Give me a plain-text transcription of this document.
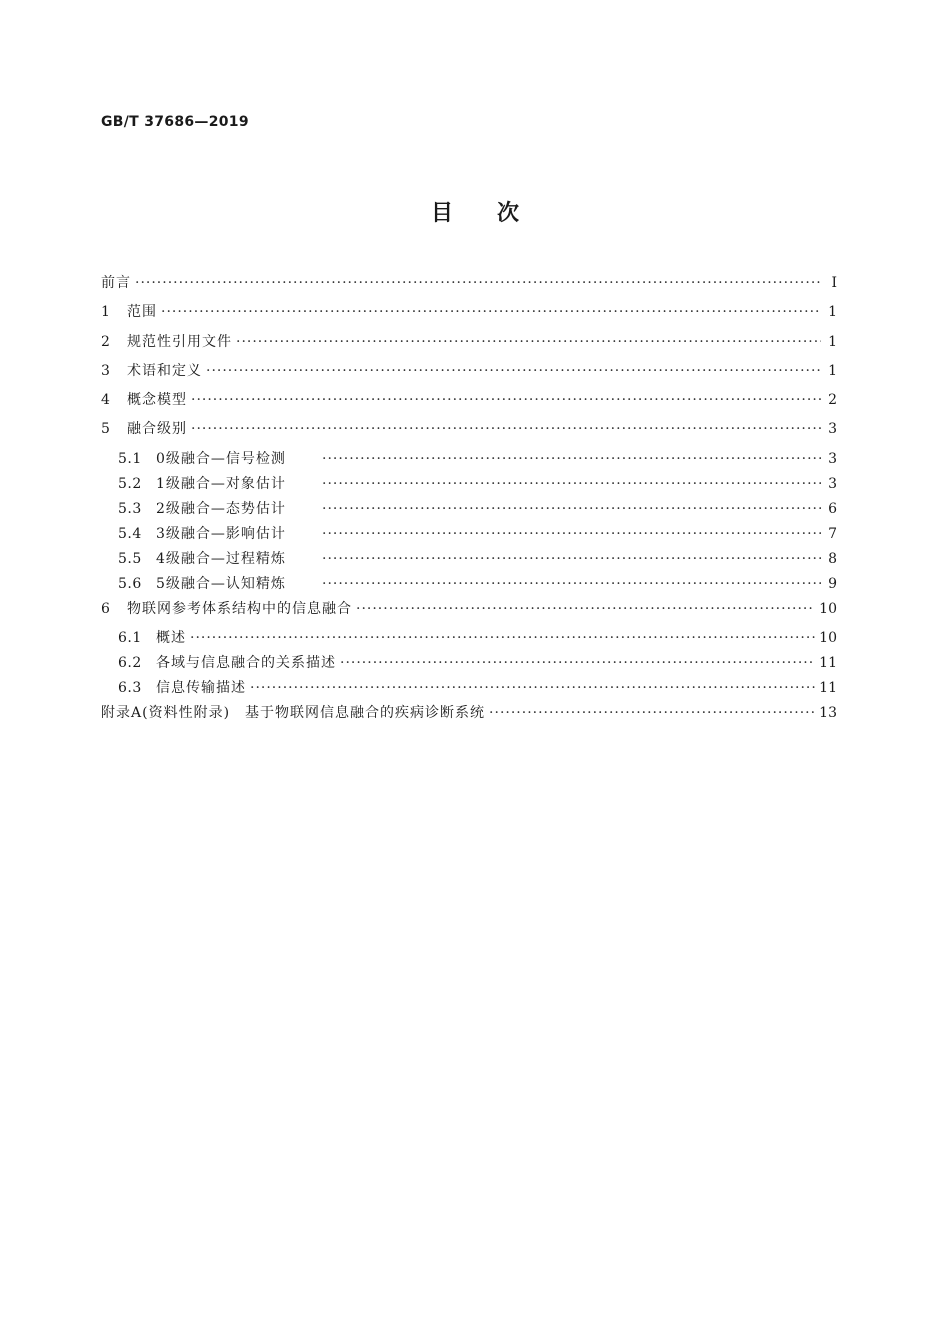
GB/T 37686—2019
目次
前言 ·····	Ⅰ
1	范围 ·····	1
2	规范性引用文件 ·····	1
3	术语和定义 ·····	1
4	概念模型 ·····	2
5	融合级别 ·····	3
5.1	0级融合—信号检测 ·····	3
5.2	1级融合—对象估计 ·····	3
5.3	2级融合—态势估计 ·····	6
5.4	3级融合—影响估计 ·····	7
5.5	4级融合—过程精炼 ·····	8
5.6	5级融合—认知精炼 ·····	9
6	物联网参考体系结构中的信息融合 ·····	10
6.1	概述 ·····	10
6.2	各域与信息融合的关系描述 ·····	11
6.3	信息传输描述 ·····	11
附录A(资料性附录)　基于物联网信息融合的疾病诊断系统 ·····	13
